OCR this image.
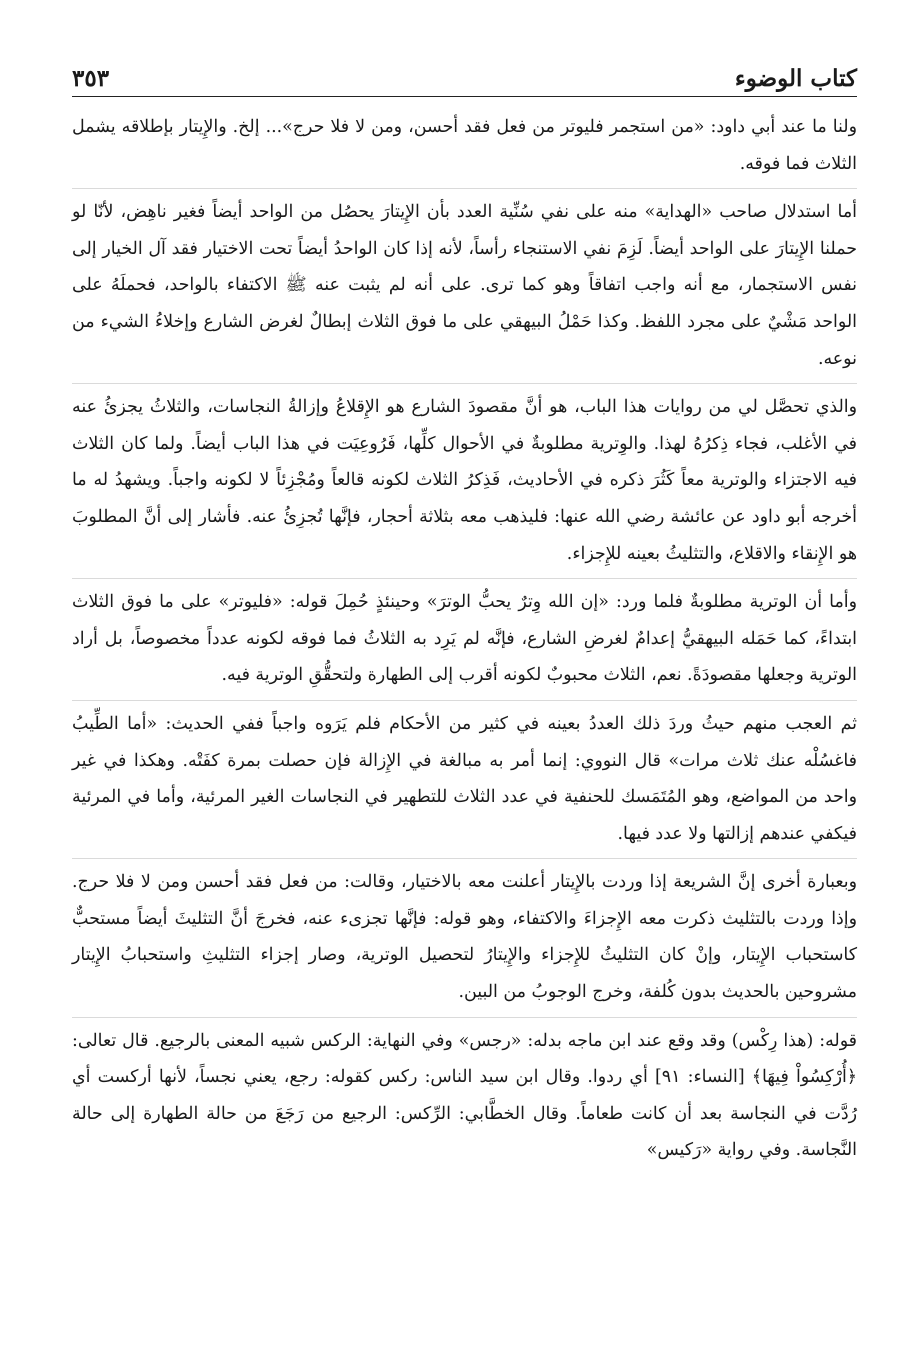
كتاب الوضوء
٣٥٣

ولنا ما عند أبي داود: «من استجمر فليوتر من فعل فقد أحسن، ومن لا فلا حرج»... إلخ. والإِيتار بإطلاقه يشمل الثلاث فما فوقه.

أما استدلال صاحب «الهداية» منه على نفي سُنِّية العدد بأن الإِيتارَ يحصُل من الواحد أيضاً فغير ناهِض، لأنّا لو حملنا الإِيتارَ على الواحد أيضاً. لَزِمَ نفي الاستنجاء رأساً، لأنه إذا كان الواحدُ أيضاً تحت الاختيار فقد آل الخيار إلى نفس الاستجمار، مع أنه واجب اتفاقاً وهو كما ترى. على أنه لم يثبت عنه ﷺ الاكتفاء بالواحد، فحملَهُ على الواحد مَشْيٌ على مجرد اللفظ. وكذا حَمْلُ البيهقي على ما فوق الثلاث إبطالٌ لغرض الشارع وإخلاءُ الشيء من نوعه.

والذي تحصَّل لي من روايات هذا الباب، هو أنَّ مقصودَ الشارع هو الإِقلاعُ وإزالةُ النجاسات، والثلاثُ يجزئُ عنه في الأغلب، فجاء ذِكرُهُ لهذا. والوِترية مطلوبةٌ في الأحوال كلِّها، فَرُوعِيَت في هذا الباب أيضاً. ولما كان الثلاث فيه الاجتزاء والوترية معاً كَثُرَ ذكره في الأحاديث، فَذِكرُ الثلاث لكونه قالعاً ومُجْزِئاً لا لكونه واجباً. ويشهدُ له ما أخرجه أبو داود عن عائشة رضي الله عنها: فليذهب معه بثلاثة أحجار، فإنَّها تُجزِئُ عنه. فأشار إلى أنَّ المطلوبَ هو الإِنقاء والاقلاع، والتثليثُ بعينه للإِجزاء.

وأما أن الوترية مطلوبةٌ فلما ورد: «إن الله وِترٌ يحبُّ الوترَ» وحينئذٍ حُمِلَ قوله: «فليوتر» على ما فوق الثلاث ابتداءً، كما حَمَله البيهقيُّ إعدامٌ لغرضِ الشارع، فإنَّه لم يَرِد به الثلاثُ فما فوقه لكونه عدداً مخصوصاً، بل أراد الوترية وجعلها مقصودَةً. نعم، الثلاث محبوبٌ لكونه أقرب إلى الطهارة ولتحقُّقِ الوترية فيه.

ثم العجب منهم حيثُ وردَ ذلك العددُ بعينه في كثير من الأحكام فلم يَرَوه واجباً ففي الحديث: «أما الطِّيبُ فاغسُلْه عنك ثلاث مرات» قال النووي: إنما أمر به مبالغة في الإِزالة فإن حصلت بمرة كفَتْه. وهكذا في غير واحد من المواضع، وهو المُتَمَسك للحنفية في عدد الثلاث للتطهير في النجاسات الغير المرئية، وأما في المرئية فيكفي عندهم إزالتها ولا عدد فيها.

وبعبارة أخرى إنَّ الشريعة إذا وردت بالإِيتار أعلنت معه بالاختيار، وقالت: من فعل فقد أحسن ومن لا فلا حرج. وإذا وردت بالتثليث ذكرت معه الإِجزاءَ والاكتفاء، وهو قوله: فإنَّها تجزىء عنه، فخرجَ أنَّ التثليثَ أيضاً مستحبٌّ كاستحباب الإِيتار، وإنْ كان التثليثُ للإِجزاء والإِيتارُ لتحصيل الوترية، وصار إجزاء التثليثِ واستحبابُ الإِيتار مشروحين بالحديث بدون كُلفة، وخرج الوجوبُ من البين.

قوله: (هذا رِكْس) وقد وقع عند ابن ماجه بدله: «رجس» وفي النهاية: الركس شبيه المعنى بالرجيع. قال تعالى: ﴿أُرْكِسُواْ فِيهَا﴾ [النساء: ٩١] أي ردوا. وقال ابن سيد الناس: ركس كقوله: رجع، يعني نجساً، لأنها أركست أي رُدَّت في النجاسة بعد أن كانت طعاماً. وقال الخطَّابي: الرِّكس: الرجيع من رَجَعَ من حالة الطهارة إلى حالة النَّجاسة. وفي رواية «رَكيس»
